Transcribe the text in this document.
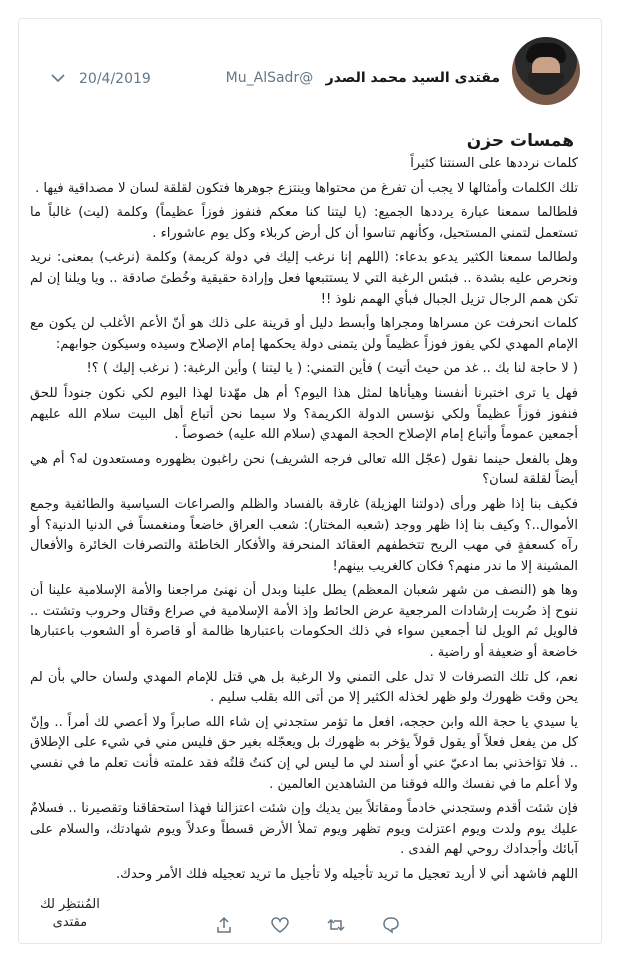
مقتدى السيد محمد الصدر @Mu_AlSadr
20/4/2019
همسات حزن

كلمات نرددها على السنتنا كثيراً

تلك الكلمات وأمثالها لا يجب أن تفرغ من محتواها وينتزع جوهرها فتكون لقلقة لسان لا مصداقية فيها .

فلطالما سمعنا عبارة يرددها الجميع: (يا ليتنا كنا معكم فنفوز فوزاً عظيماً) وكلمة (ليت) غالباً ما تستعمل لتمني المستحيل، وكأنهم تناسوا أن كل أرض كربلاء وكل يوم عاشوراء .

ولطالما سمعنا الكثير يدعو بدعاء: (اللهم إنا نرغب إليك في دولة كريمة) وكلمة (نرغب) بمعنى: نريد ونحرص عليه بشدة .. فبئس الرغبة التي لا يستتبعها فعل وإرادة حقيقية وخُطىً صادقة .. ويا ويلنا إن لم تكن همم الرجال تزيل الجبال فبأي الهمم نلوذ !!

كلمات انحرفت عن مسراها ومجراها وأبسط دليل أو قرينة على ذلك هو أنّ الأعم الأغلب لن يكون مع الإمام المهدي لكي يفوز فوزاً عظيماً ولن يتمنى دولة يحكمها إمام الإصلاح وسيده وسيكون جوابهم:

( لا حاجة لنا بك .. غد من حيث أتيت ) فأين التمني: ( يا ليتنا ) وأين الرغبة: ( نرغب إليك ) ؟!

فهل يا ترى اختبرنا أنفسنا وهيأناها لمثل هذا اليوم؟ أم هل مهّدنا لهذا اليوم لكي نكون جنوداً للحق فنفوز فوزاً عظيماً ولكي نؤسس الدولة الكريمة؟ ولا سيما نحن أتباع أهل البيت سلام الله عليهم أجمعين عموماً وأتباع إمام الإصلاح الحجة المهدي (سلام الله عليه) خصوصاً .

وهل بالفعل حينما نقول (عجّل الله تعالى فرجه الشريف) نحن راغبون بظهوره ومستعدون له؟ أم هي أيضاً لقلقة لسان؟

فكيف بنا إذا ظهر ورأى (دولتنا الهزيلة) غارقة بالفساد والظلم والصراعات السياسية والطائفية وجمع الأموال..؟ وكيف بنا إذا ظهر ووجد (شعبه المختار): شعب العراق خاضعاً ومنغمساً في الدنيا الدنية؟ أو رآه كسعفةٍ في مهب الريح تتخطفهم العقائد المنحرفة والأفكار الخاطئة والتصرفات الخائرة والأفعال المشينة إلا ما ندر منهم؟ فكان كالغريب بينهم!

وها هو (النصف من شهر شعبان المعظم) يطل علينا وبدل أن نهنئ مراجعنا والأمة الإسلامية علينا أن ننوح إذ ضُربت إرشادات المرجعية عرض الحائط وإذ الأمة الإسلامية في صراع وقتال وحروب وتشتت .. فالويل ثم الويل لنا أجمعين سواء في ذلك الحكومات باعتبارها ظالمة أو قاصرة أو الشعوب باعتبارها خاضعة أو ضعيفة أو راضية .

نعم، كل تلك التصرفات لا تدل على التمني ولا الرغبة بل هي قتل للإمام المهدي ولسان حالي بأن لم يحن وقت ظهورك ولو ظهر لخذله الكثير إلا من أتى الله بقلب سليم .

يا سيدي يا حجة الله وابن حججه، افعل ما تؤمر ستجدني إن شاء الله صابراً ولا أعصي لك أمراً .. وإنّ كل من يفعل فعلاً أو يقول قولاً يؤخر به ظهورك بل ويعجّله بغير حق فليس مني في شيء على الإطلاق .. فلا تؤاخذني بما ادعيّ عني أو أسند لي ما ليس لي إن كنتُ قلتُه فقد علمته فأنت تعلم ما في نفسي ولا أعلم ما في نفسك والله فوقنا من الشاهدين العالمين .

فإن شئت أقدم وستجدني خادماً ومقاتلاً بين يديك وإن شئت اعتزالنا فهذا استحقاقنا وتقصيرنا .. فسلامٌ عليك يوم ولدت ويوم اعتزلت ويوم تظهر ويوم تملأ الأرض قسطاً وعدلاً ويوم شهادتك، والسلام على آبائك وأجدادك روحي لهم الفدى .

اللهم فاشهد أني لا أريد تعجيل ما تريد تأجيله ولا تأجيل ما تريد تعجيله فلك الأمر وحدك.

المُنتظِر لك
مقتدى
